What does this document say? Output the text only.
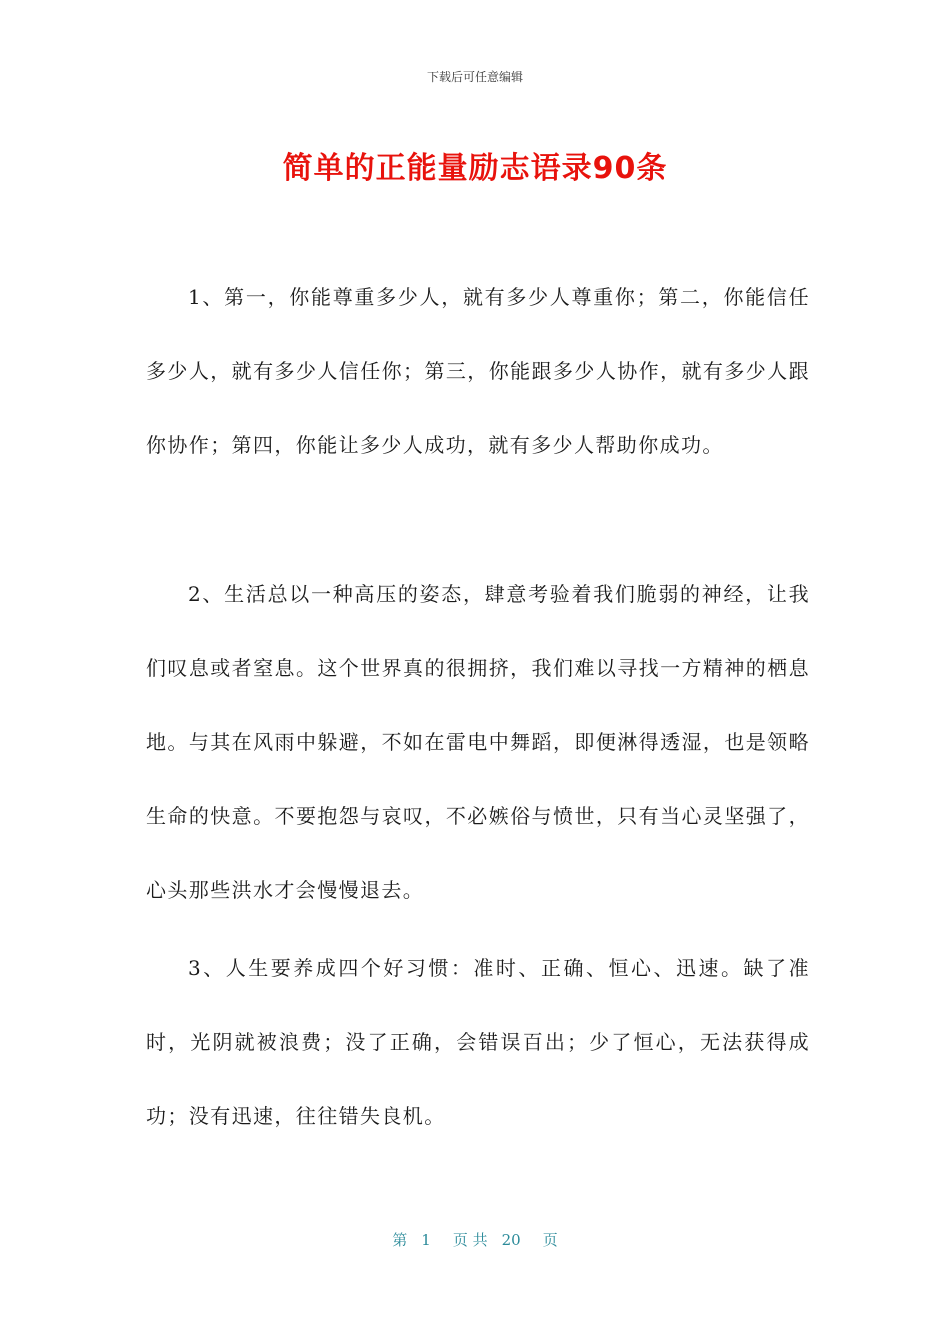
下载后可任意编辑
简单的正能量励志语录90条

1、第一，你能尊重多少人，就有多少人尊重你；第二，你能信任多少人，就有多少人信任你；第三，你能跟多少人协作，就有多少人跟你协作；第四，你能让多少人成功，就有多少人帮助你成功。

2、生活总以一种高压的姿态，肆意考验着我们脆弱的神经，让我们叹息或者窒息。这个世界真的很拥挤，我们难以寻找一方精神的栖息地。与其在风雨中躲避，不如在雷电中舞蹈，即便淋得透湿，也是领略生命的快意。不要抱怨与哀叹，不必嫉俗与愤世，只有当心灵坚强了，心头那些洪水才会慢慢退去。

3、人生要养成四个好习惯：准时、正确、恒心、迅速。缺了准时，光阴就被浪费；没了正确，会错误百出；少了恒心，无法获得成功；没有迅速，往往错失良机。

第 1 页 共 20 页
